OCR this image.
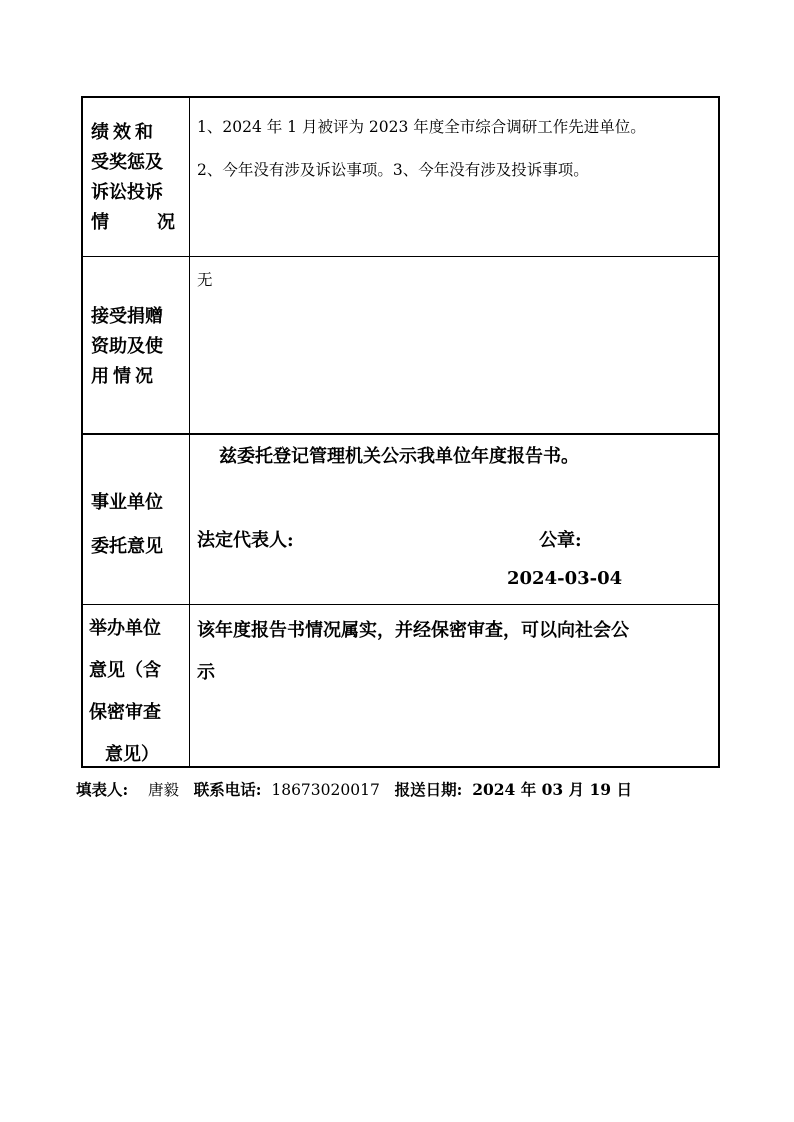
绩效和
受奖惩及
诉讼投诉
情	况
1、2024 年 1 月被评为 2023 年度全市综合调研工作先进单位。
2、今年没有涉及诉讼事项。3、今年没有涉及投诉事项。
无
接受捐赠
资助及使
用情况
事业单位
委托意见
兹委托登记管理机关公示我单位年度报告书。
法定代表人:	公章:
2024-03-04
举办单位
意见（含
保密审查
意见）
该年度报告书情况属实，并经保密审查，可以向社会公
示
填表人: 唐毅 联系电话: 18673020017 报送日期: 2024 年 03 月 19 日
